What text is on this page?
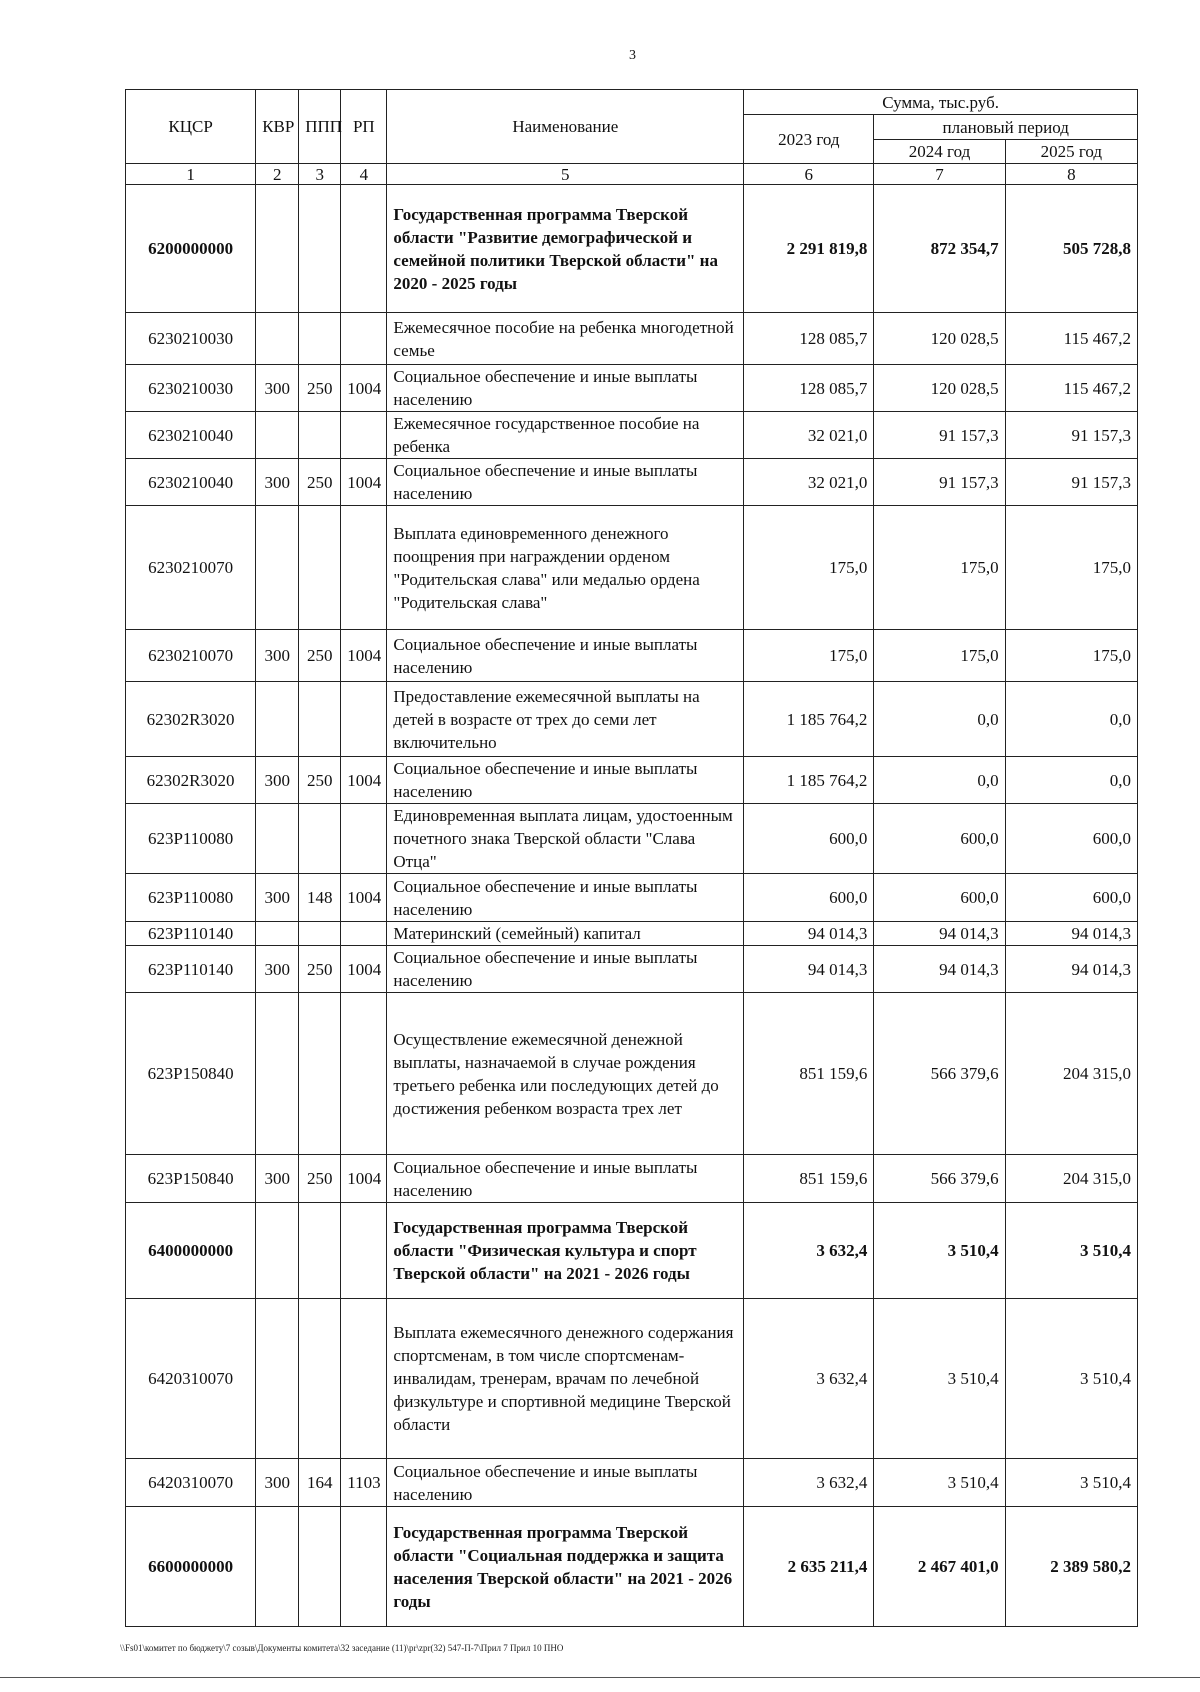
3
КЦСР	КВР	ППП	РП	Наименование	Сумма, тыс.руб.		
					2023 год	плановый период	
						2024 год	2025 год
1	2	3	4	5	6	7	8
6200000000				Государственная программа Тверской области "Развитие демографической и семейной политики Тверской области" на 2020 - 2025 годы	2 291 819,8	872 354,7	505 728,8
6230210030				Ежемесячное пособие на ребенка многодетной семье	128 085,7	120 028,5	115 467,2
6230210030	300	250	1004	Социальное обеспечение и иные выплаты населению	128 085,7	120 028,5	115 467,2
6230210040				Ежемесячное государственное пособие на ребенка	32 021,0	91 157,3	91 157,3
6230210040	300	250	1004	Социальное обеспечение и иные выплаты населению	32 021,0	91 157,3	91 157,3
6230210070				Выплата единовременного денежного поощрения при награждении орденом "Родительская слава" или медалью ордена "Родительская слава"	175,0	175,0	175,0
6230210070	300	250	1004	Социальное обеспечение и иные выплаты населению	175,0	175,0	175,0
62302R3020				Предоставление ежемесячной выплаты на детей в возрасте от трех до семи лет включительно	1 185 764,2	0,0	0,0
62302R3020	300	250	1004	Социальное обеспечение и иные выплаты населению	1 185 764,2	0,0	0,0
623P110080				Единовременная выплата лицам, удостоенным почетного знака Тверской области "Слава Отца"	600,0	600,0	600,0
623P110080	300	148	1004	Социальное обеспечение и иные выплаты населению	600,0	600,0	600,0
623P110140				Материнский (семейный) капитал	94 014,3	94 014,3	94 014,3
623P110140	300	250	1004	Социальное обеспечение и иные выплаты населению	94 014,3	94 014,3	94 014,3
623P150840				Осуществление ежемесячной денежной выплаты, назначаемой в случае рождения третьего ребенка или последующих детей до достижения ребенком возраста трех лет	851 159,6	566 379,6	204 315,0
623P150840	300	250	1004	Социальное обеспечение и иные выплаты населению	851 159,6	566 379,6	204 315,0
6400000000				Государственная программа Тверской области "Физическая культура и спорт Тверской области" на 2021 - 2026 годы	3 632,4	3 510,4	3 510,4
6420310070				Выплата ежемесячного денежного содержания спортсменам, в том числе спортсменам-инвалидам, тренерам, врачам по лечебной физкультуре и спортивной медицине Тверской области	3 632,4	3 510,4	3 510,4
6420310070	300	164	1103	Социальное обеспечение и иные выплаты населению	3 632,4	3 510,4	3 510,4
6600000000				Государственная программа Тверской области "Социальная поддержка и защита населения Тверской области" на 2021 - 2026 годы	2 635 211,4	2 467 401,0	2 389 580,2
\\Fs01\комитет по бюджету\7 созыв\Документы комитета\32 заседание (11)\pr\zpr(32) 547-П-7\Прил 7 Прил 10 ПНО
